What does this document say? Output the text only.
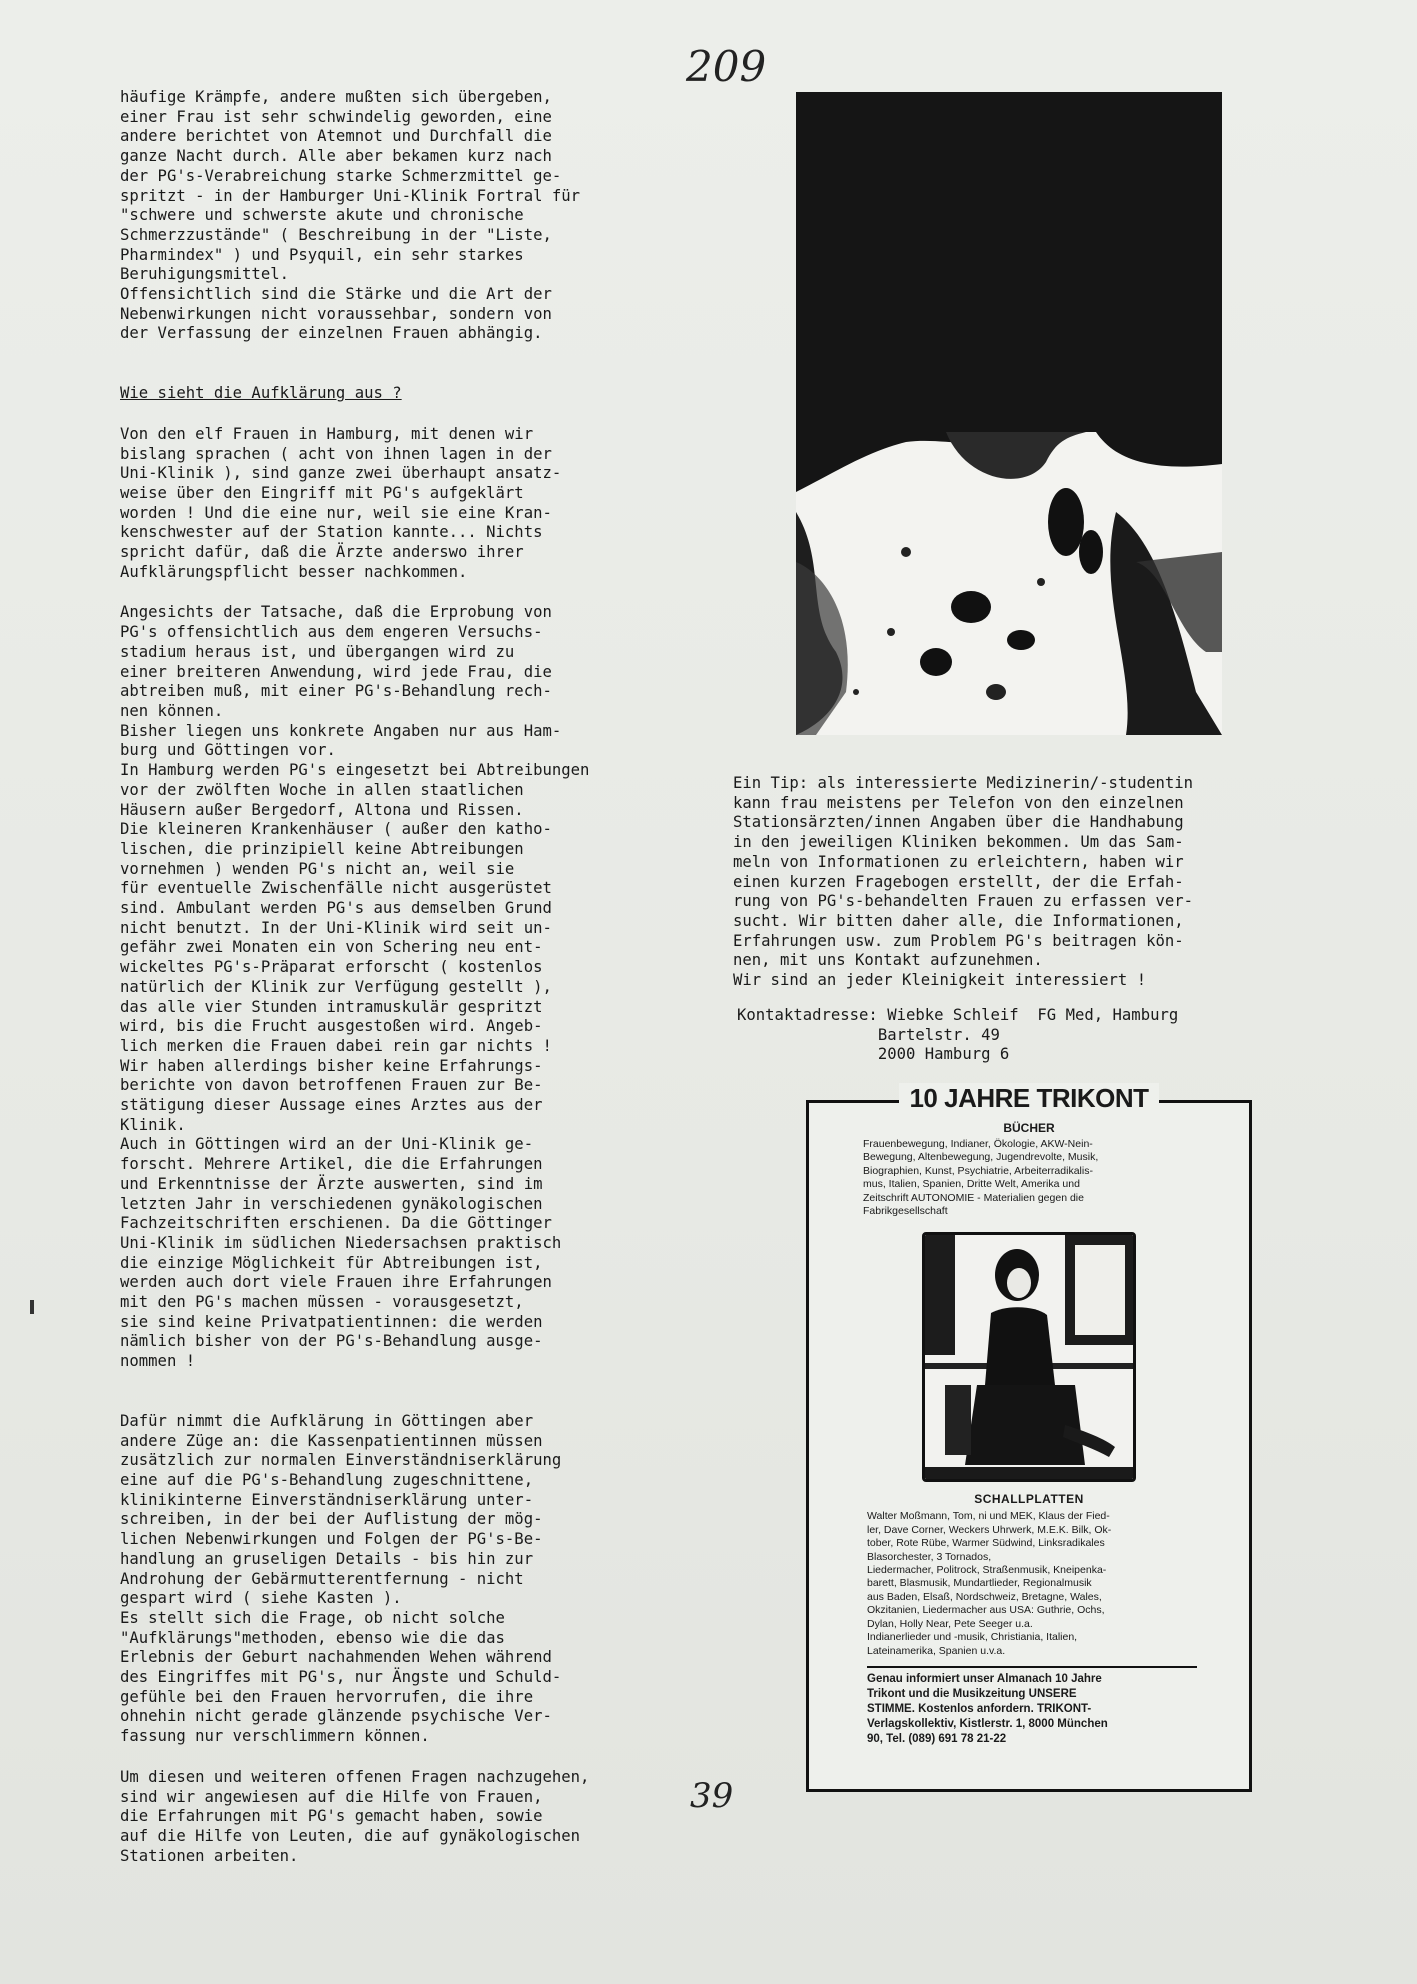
209

häufige Krämpfe, andere mußten sich übergeben,
einer Frau ist sehr schwindelig geworden, eine
andere berichtet von Atemnot und Durchfall die
ganze Nacht durch. Alle aber bekamen kurz nach
der PG's-Verabreichung starke Schmerzmittel ge-
spritzt - in der Hamburger Uni-Klinik Fortral für
"schwere und schwerste akute und chronische
Schmerzzustände" ( Beschreibung in der "Liste,
Pharmindex" ) und Psyquil, ein sehr starkes
Beruhigungsmittel.
Offensichtlich sind die Stärke und die Art der
Nebenwirkungen nicht voraussehbar, sondern von
der Verfassung der einzelnen Frauen abhängig.

Wie sieht die Aufklärung aus ?

Von den elf Frauen in Hamburg, mit denen wir
bislang sprachen ( acht von ihnen lagen in der
Uni-Klinik ), sind ganze zwei überhaupt ansatz-
weise über den Eingriff mit PG's aufgeklärt
worden ! Und die eine nur, weil sie eine Kran-
kenschwester auf der Station kannte... Nichts
spricht dafür, daß die Ärzte anderswo ihrer
Aufklärungspflicht besser nachkommen.

Angesichts der Tatsache, daß die Erprobung von
PG's offensichtlich aus dem engeren Versuchs-
stadium heraus ist, und übergangen wird zu
einer breiteren Anwendung, wird jede Frau, die
abtreiben muß, mit einer PG's-Behandlung rech-
nen können.
Bisher liegen uns konkrete Angaben nur aus Ham-
burg und Göttingen vor.
In Hamburg werden PG's eingesetzt bei Abtreibungen
vor der zwölften Woche in allen staatlichen
Häusern außer Bergedorf, Altona und Rissen.
Die kleineren Krankenhäuser ( außer den katho-
lischen, die prinzipiell keine Abtreibungen
vornehmen ) wenden PG's nicht an, weil sie
für eventuelle Zwischenfälle nicht ausgerüstet
sind. Ambulant werden PG's aus demselben Grund
nicht benutzt. In der Uni-Klinik wird seit un-
gefähr zwei Monaten ein von Schering neu ent-
wickeltes PG's-Präparat erforscht ( kostenlos
natürlich der Klinik zur Verfügung gestellt ),
das alle vier Stunden intramuskulär gespritzt
wird, bis die Frucht ausgestoßen wird. Angeb-
lich merken die Frauen dabei rein gar nichts !
Wir haben allerdings bisher keine Erfahrungs-
berichte von davon betroffenen Frauen zur Be-
stätigung dieser Aussage eines Arztes aus der
Klinik.
Auch in Göttingen wird an der Uni-Klinik ge-
forscht. Mehrere Artikel, die die Erfahrungen
und Erkenntnisse der Ärzte auswerten, sind im
letzten Jahr in verschiedenen gynäkologischen
Fachzeitschriften erschienen. Da die Göttinger
Uni-Klinik im südlichen Niedersachsen praktisch
die einzige Möglichkeit für Abtreibungen ist,
werden auch dort viele Frauen ihre Erfahrungen
mit den PG's machen müssen - vorausgesetzt,
sie sind keine Privatpatientinnen: die werden
nämlich bisher von der PG's-Behandlung ausge-
nommen !

Dafür nimmt die Aufklärung in Göttingen aber
andere Züge an: die Kassenpatientinnen müssen
zusätzlich zur normalen Einverständniserklärung
eine auf die PG's-Behandlung zugeschnittene,
klinikinterne Einverständniserklärung unter-
schreiben, in der bei der Auflistung der mög-
lichen Nebenwirkungen und Folgen der PG's-Be-
handlung an gruseligen Details - bis hin zur
Androhung der Gebärmutterentfernung - nicht
gespart wird ( siehe Kasten ).
Es stellt sich die Frage, ob nicht solche
"Aufklärungs"methoden, ebenso wie die das
Erlebnis der Geburt nachahmenden Wehen während
des Eingriffes mit PG's, nur Ängste und Schuld-
gefühle bei den Frauen hervorrufen, die ihre
ohnehin nicht gerade glänzende psychische Ver-
fassung nur verschlimmern können.

Um diesen und weiteren offenen Fragen nachzugehen,
sind wir angewiesen auf die Hilfe von Frauen,
die Erfahrungen mit PG's gemacht haben, sowie
auf die Hilfe von Leuten, die auf gynäkologischen
Stationen arbeiten.

Ein Tip: als interessierte Medizinerin/-studentin
kann frau meistens per Telefon von den einzelnen
Stationsärzten/innen Angaben über die Handhabung
in den jeweiligen Kliniken bekommen. Um das Sam-
meln von Informationen zu erleichtern, haben wir
einen kurzen Fragebogen erstellt, der die Erfah-
rung von PG's-behandelten Frauen zu erfassen ver-
sucht. Wir bitten daher alle, die Informationen,
Erfahrungen usw. zum Problem PG's beitragen kön-
nen, mit uns Kontakt aufzunehmen.
Wir sind an jeder Kleinigkeit interessiert !

Kontaktadresse: Wiebke Schleif  FG Med, Hamburg
Bartelstr. 49
2000 Hamburg 6

10 JAHRE TRIKONT
BÜCHER
Frauenbewegung, Indianer, Ökologie, AKW-Nein-
Bewegung, Altenbewegung, Jugendrevolte, Musik,
Biographien, Kunst, Psychiatrie, Arbeiterradikalis-
mus, Italien, Spanien, Dritte Welt, Amerika und
Zeitschrift AUTONOMIE - Materialien gegen die
Fabrikgesellschaft
SCHALLPLATTEN
Walter Moßmann, Tom, ni und MEK, Klaus der Fied-
ler, Dave Corner, Weckers Uhrwerk, M.E.K. Bilk, Ok-
tober, Rote Rübe, Warmer Südwind, Linksradikales
Blasorchester, 3 Tornados,
Liedermacher, Politrock, Straßenmusik, Kneipenka-
barett, Blasmusik, Mundartlieder, Regionalmusik
aus Baden, Elsaß, Nordschweiz, Bretagne, Wales,
Okzitanien, Liedermacher aus USA: Guthrie, Ochs,
Dylan, Holly Near, Pete Seeger u.a.
Indianerlieder und -musik, Christiania, Italien,
Lateinamerika, Spanien u.v.a.
Genau informiert unser Almanach 10 Jahre
Trikont und die Musikzeitung UNSERE
STIMME. Kostenlos anfordern. TRIKONT-
Verlagskollektiv, Kistlerstr. 1, 8000 München
90, Tel. (089) 691 78 21-22
39
